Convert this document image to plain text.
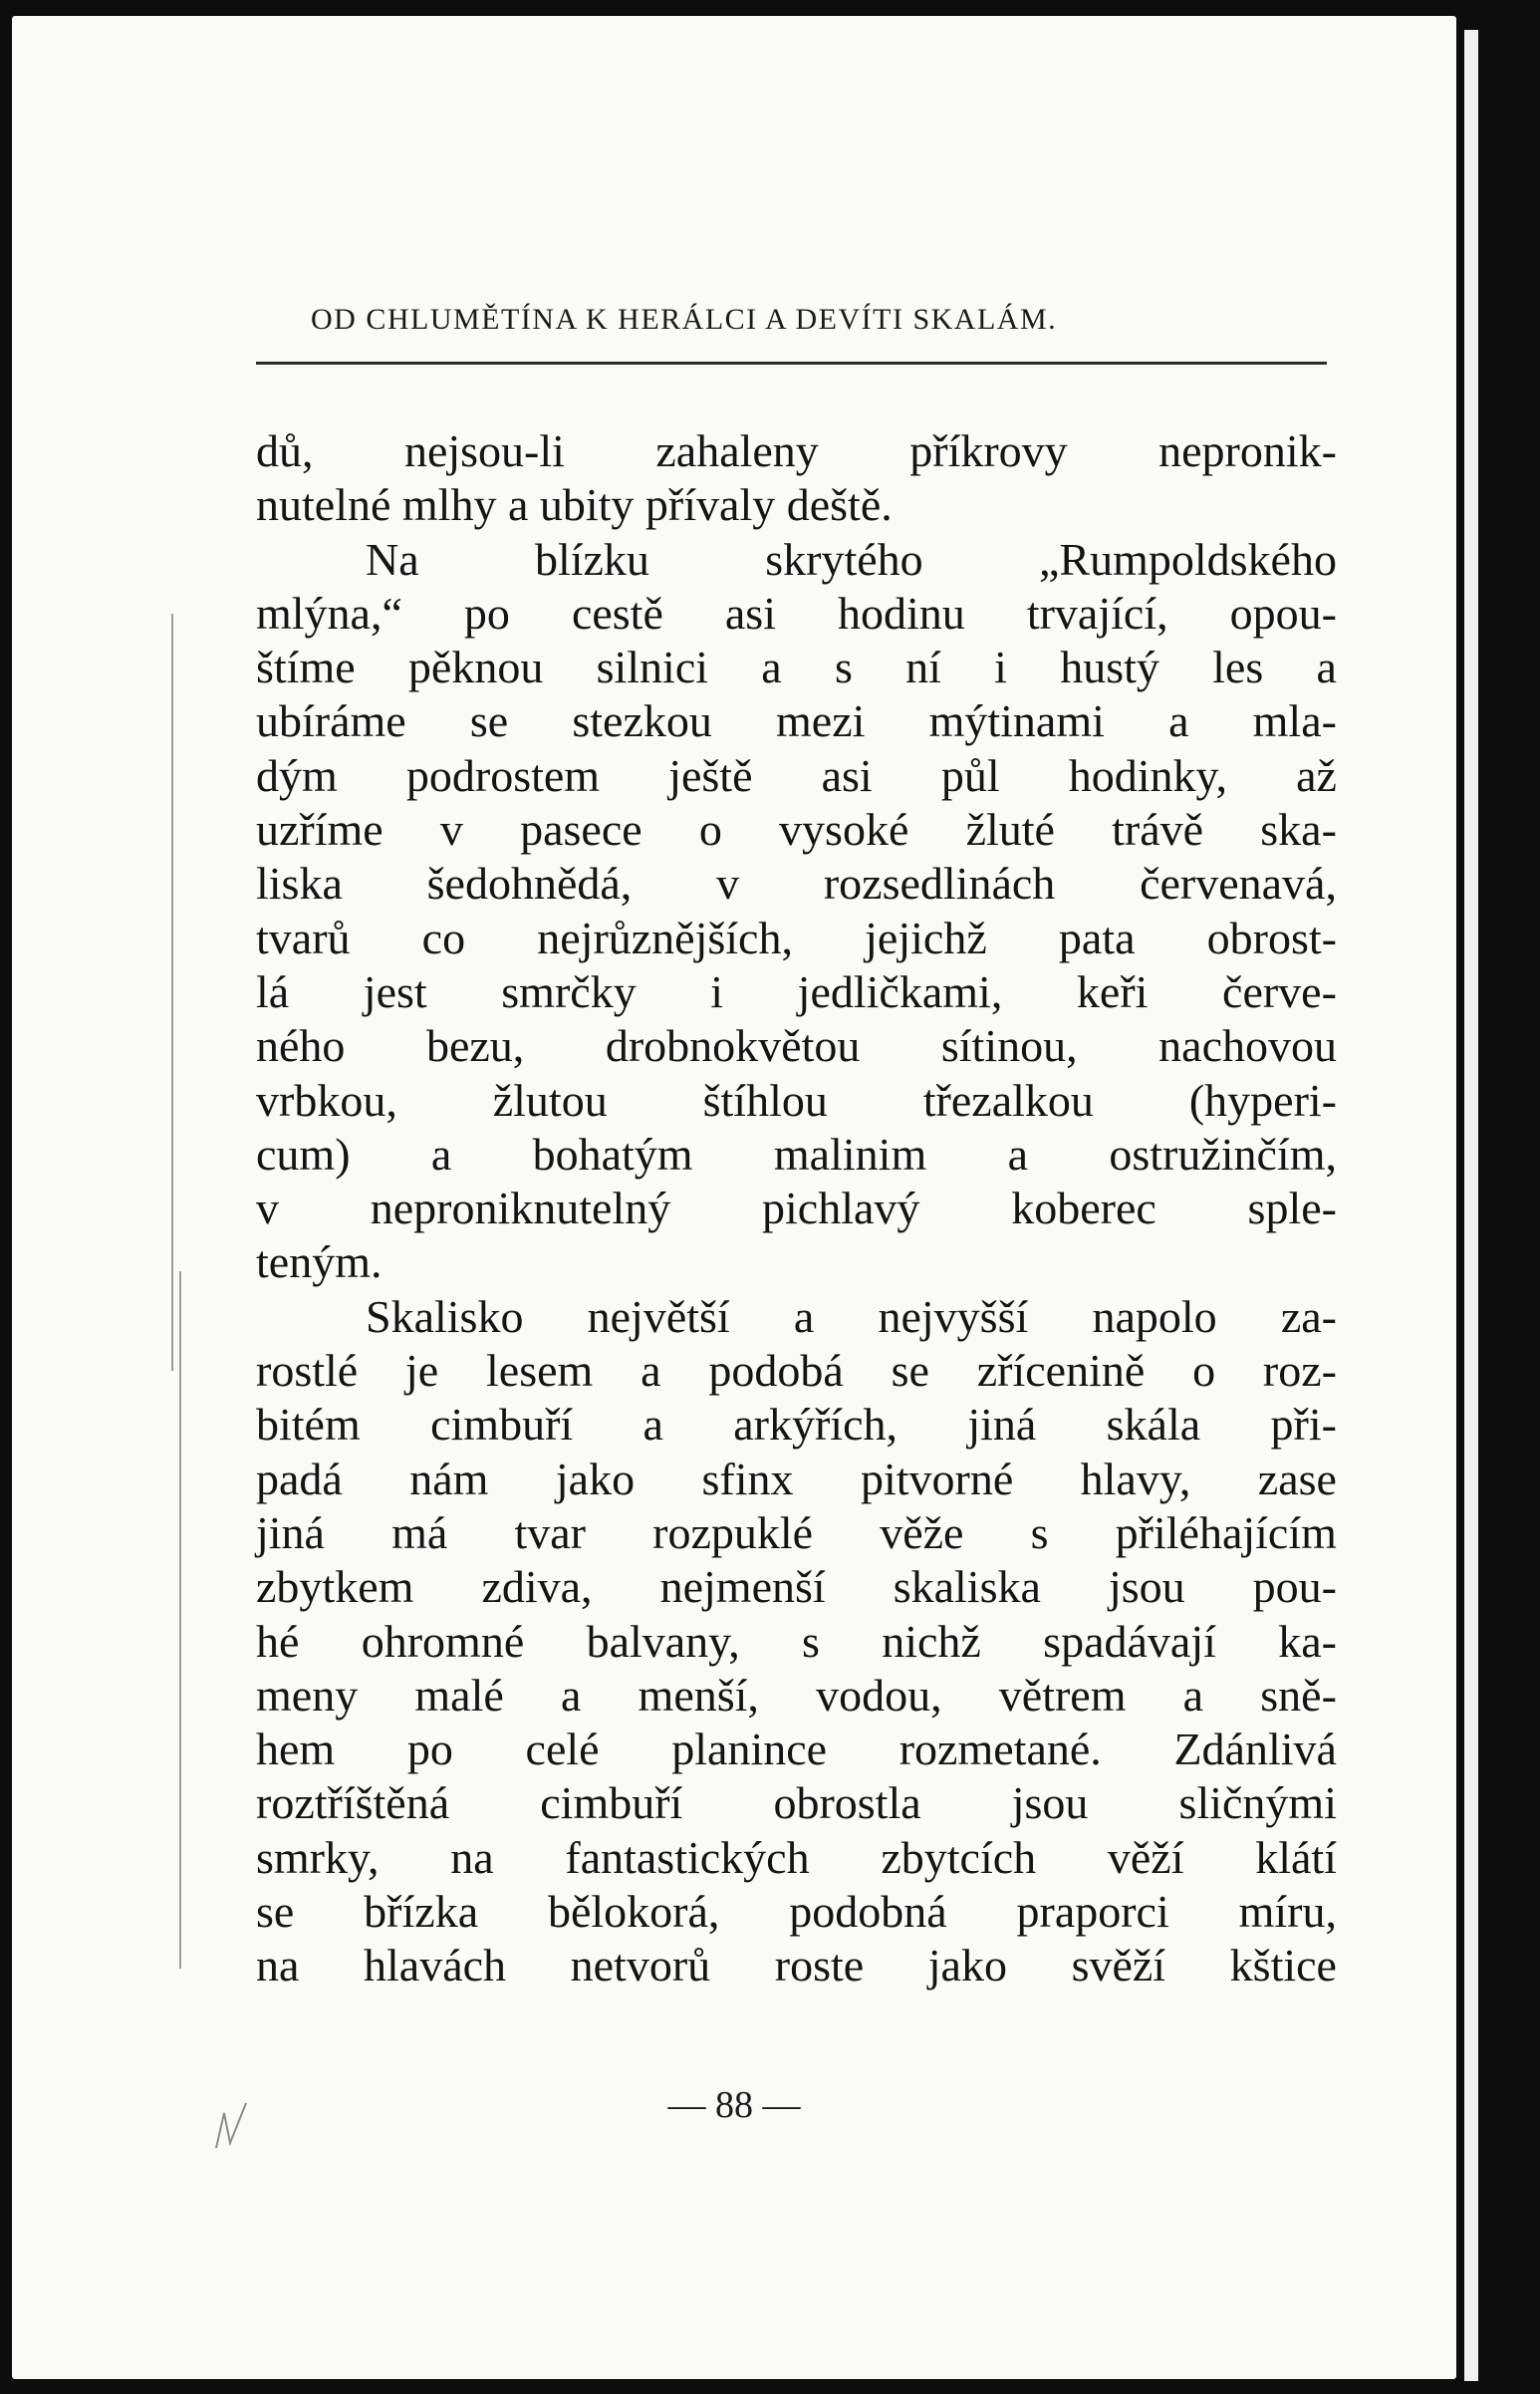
OD CHLUMĚTÍNA K HERÁLCI A DEVÍTI SKALÁM.
dů, nejsou-li zahaleny příkrovy nepronik-
nutelné mlhy a ubity přívaly deště.
Na	blízku	skrytého	„Rumpoldského
mlýna,“ po cestě asi hodinu trvající, opou-
štíme pěknou silnici a s ní i hustý les a
ubíráme se stezkou mezi mýtinami a mla-
dým podrostem ještě asi půl hodinky, až
uzříme v pasece o vysoké žluté trávě ska-
liska šedohnědá, v rozsedlinách červenavá,
tvarů co nejrůznějších, jejichž pata obrost-
lá jest smrčky i jedličkami, keři červe-
ného bezu, drobnokvětou sítinou, nachovou
vrbkou, žlutou štíhlou třezalkou (hyperi-
cum) a bohatým malinim a ostružinčím,
v neproniknutelný pichlavý koberec sple-
teným.
Skalisko největší a nejvyšší napolo za-
rostlé je lesem a podobá se zřícenině o roz-
bitém cimbuří a arkýřích, jiná skála při-
padá nám jako sfinx pitvorné hlavy, zase
jiná má tvar rozpuklé věže s přiléhajícím
zbytkem zdiva, nejmenší skaliska jsou pou-
hé ohromné balvany, s nichž spadávají ka-
meny malé a menší, vodou, větrem a sně-
hem po celé planince rozmetané. Zdánlivá
roztříštěná cimbuří obrostla jsou sličnými
smrky, na fantastických zbytcích věží klátí
se břízka bělokorá, podobná praporci míru,
na hlavách netvorů roste jako svěží kštice
— 88 —
